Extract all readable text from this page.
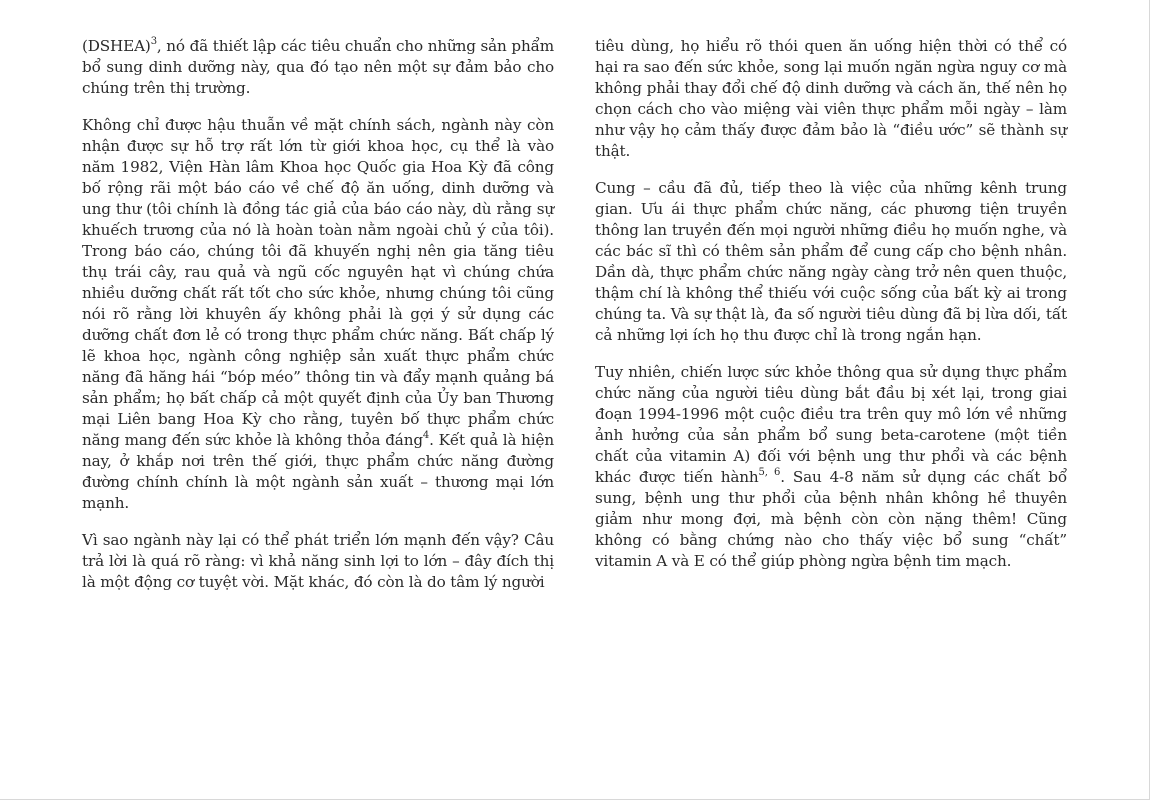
(DSHEA)$^3$, nó đã thiết lập các tiêu chuẩn cho những sản phẩm bổ sung dinh dưỡng này, qua đó tạo nên một sự đảm bảo cho chúng trên thị trường.

Không chỉ được hậu thuẫn về mặt chính sách, ngành này còn nhận được sự hỗ trợ rất lớn từ giới khoa học, cụ thể là vào năm 1982, Viện Hàn lâm Khoa học Quốc gia Hoa Kỳ đã công bố rộng rãi một báo cáo về chế độ ăn uống, dinh dưỡng và ung thư (tôi chính là đồng tác giả của báo cáo này, dù rằng sự khuếch trương của nó là hoàn toàn nằm ngoài chủ ý của tôi). Trong báo cáo, chúng tôi đã khuyến nghị nên gia tăng tiêu thụ trái cây, rau quả và ngũ cốc nguyên hạt vì chúng chứa nhiều dưỡng chất rất tốt cho sức khỏe, nhưng chúng tôi cũng nói rõ rằng lời khuyên ấy không phải là gợi ý sử dụng các dưỡng chất đơn lẻ có trong thực phẩm chức năng. Bất chấp lý lẽ khoa học, ngành công nghiệp sản xuất thực phẩm chức năng đã hăng hái “bóp méo” thông tin và đẩy mạnh quảng bá sản phẩm; họ bất chấp cả một quyết định của Ủy ban Thương mại Liên bang Hoa Kỳ cho rằng, tuyên bố thực phẩm chức năng mang đến sức khỏe là không thỏa đáng$^4$. Kết quả là hiện nay, ở khắp nơi trên thế giới, thực phẩm chức năng đường đường chính chính là một ngành sản xuất – thương mại lớn mạnh.

Vì sao ngành này lại có thể phát triển lớn mạnh đến vậy? Câu trả lời là quá rõ ràng: vì khả năng sinh lợi to lớn – đây đích thị là một động cơ tuyệt vời. Mặt khác, đó còn là do tâm lý người

tiêu dùng, họ hiểu rõ thói quen ăn uống hiện thời có thể có hại ra sao đến sức khỏe, song lại muốn ngăn ngừa nguy cơ mà không phải thay đổi chế độ dinh dưỡng và cách ăn, thế nên họ chọn cách cho vào miệng vài viên thực phẩm mỗi ngày – làm như vậy họ cảm thấy được đảm bảo là “điều ước” sẽ thành sự thật.

Cung – cầu đã đủ, tiếp theo là việc của những kênh trung gian. Ưu ái thực phẩm chức năng, các phương tiện truyền thông lan truyền đến mọi người những điều họ muốn nghe, và các bác sĩ thì có thêm sản phẩm để cung cấp cho bệnh nhân. Dần dà, thực phẩm chức năng ngày càng trở nên quen thuộc, thậm chí là không thể thiếu với cuộc sống của bất kỳ ai trong chúng ta. Và sự thật là, đa số người tiêu dùng đã bị lừa dối, tất cả những lợi ích họ thu được chỉ là trong ngắn hạn.

Tuy nhiên, chiến lược sức khỏe thông qua sử dụng thực phẩm chức năng của người tiêu dùng bắt đầu bị xét lại, trong giai đoạn 1994-1996 một cuộc điều tra trên quy mô lớn về những ảnh hưởng của sản phẩm bổ sung beta-carotene (một tiền chất của vitamin A) đối với bệnh ung thư phổi và các bệnh khác được tiến hành$^{5, 6}$. Sau 4-8 năm sử dụng các chất bổ sung, bệnh ung thư phổi của bệnh nhân không hề thuyên giảm như mong đợi, mà bệnh còn còn nặng thêm! Cũng không có bằng chứng nào cho thấy việc bổ sung “chất” vitamin A và E có thể giúp phòng ngừa bệnh tim mạch.
